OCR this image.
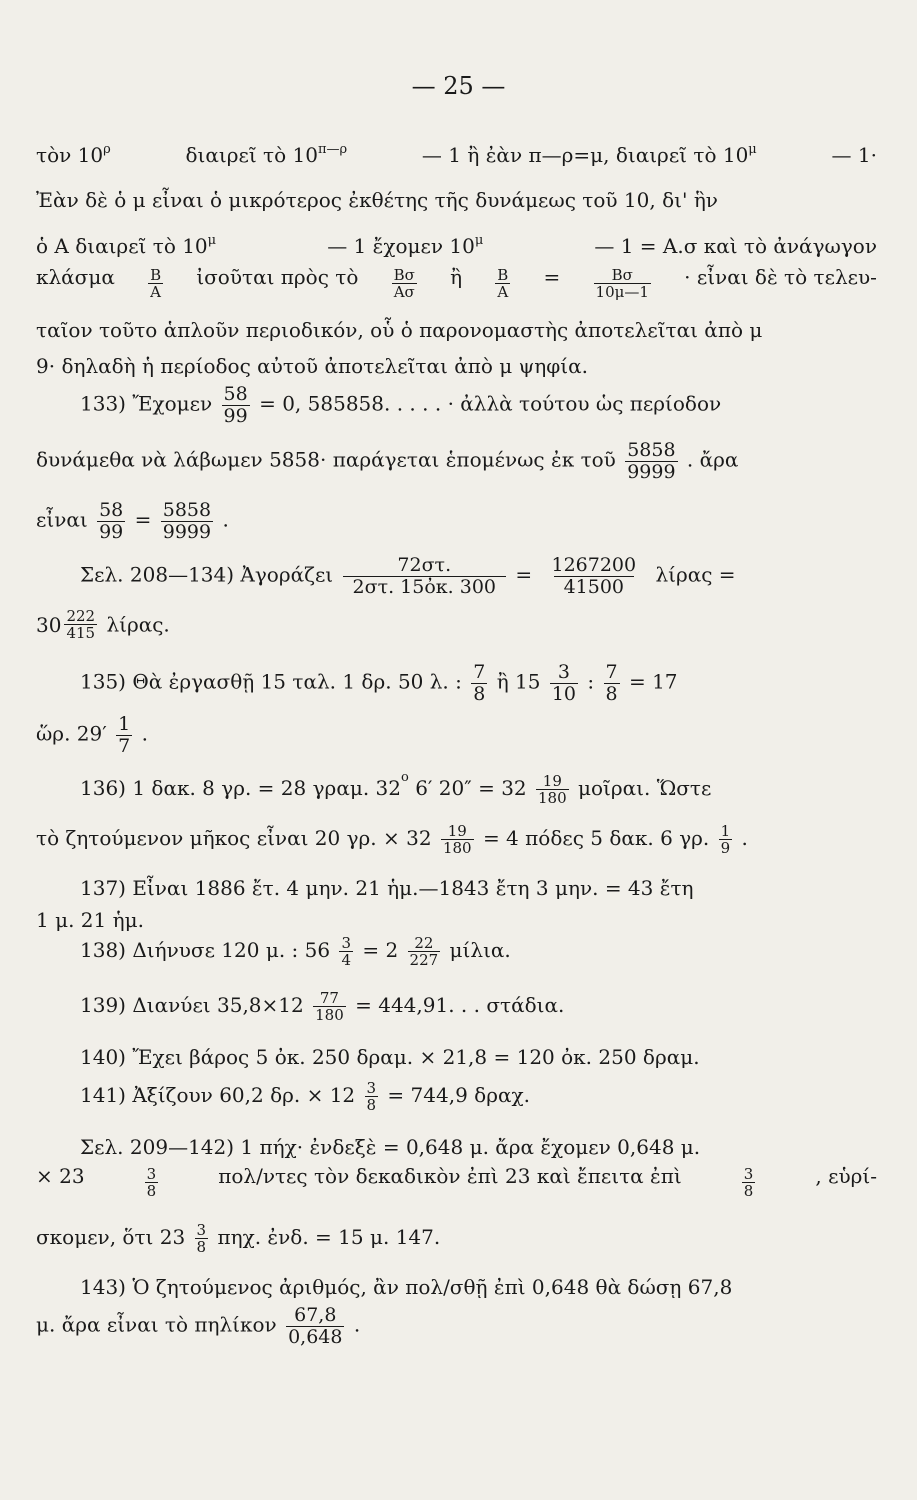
— 25 —
τὸν $10^\rho$	διαιρεῖ τὸ $10^{\pi—\rho}$	— 1 ἢ ἐὰν π—ρ=μ, διαιρεῖ τὸ $10^\mu$	— 1·
Ἐὰν δὲ ὁ μ εἶναι ὁ μικρότερος ἐκθέτης τῆς δυνάμεως τοῦ 10, δι' ἣν
ὁ Α διαιρεῖ τὸ $10^\mu$	— 1 ἔχομεν $10^\mu$	— 1 = Α.σ καὶ τὸ ἀνάγωγον
κλάσμα $\frac{B}{A}$ ἰσοῦται πρὸς τὸ $\frac{B\sigma}{A\sigma}$ ἢ $\frac{B}{A} = \frac{B\sigma}{10\mu—1}$ · εἶναι δὲ τὸ τελευ-
ταῖον τοῦτο ἁπλοῦν περιοδικόν, οὗ ὁ παρονομαστὴς ἀποτελεῖται ἀπὸ μ
9· δηλαδὴ ἡ περίοδος αὐτοῦ ἀποτελεῖται ἀπὸ μ ψηφία.
133) Ἔχομεν $\frac{58}{99} = 0$, 585858. . . . . · ἀλλὰ τούτου ὡς περίοδον
δυνάμεθα νὰ λάβωμεν 5858· παράγεται ἑπομένως ἐκ τοῦ $\frac{5858}{9999}$ . ἄρα
εἶναι $\frac{58}{99} = \frac{5858}{9999}$ .
Σελ. 208—134) Ἀγοράζει $\frac{72\sigma\tau.}{\text{2στ. 15ὀκ. 300}} = \frac{1267200}{41500}$ λίρας =
$30 \frac{222}{415} \lambda ί\rho\alpha\varsigma$.
135) Θὰ ἐργασθῇ 15 ταλ. 1 δρ. 50 λ. : $\frac{7}{8}$ ἢ $15 \frac{3}{10}$ : $\frac{7}{8} = 17$
ὥρ. $29' \frac{1}{7}$ .
136) 1 δακ. 8 γρ. = 28 γραμ. $32^o$ 6′ $20'' = 32 \frac{19}{180}$ μοῖραι. Ὥστε
τὸ ζητούμενον μῆκος εἶναι 20 γρ. × $32 \frac{19}{180} = 4$ πόδες 5 δακ. 6 γρ. $\frac{1}{9}$ .
137) Εἶναι 1886 ἔτ. 4 μην. 21 ἡμ.—1843 ἔτη 3 μην. = 43 ἔτη
1 μ. 21 ἡμ.
138) Διήνυσε 120 μ. : $56 \frac{3}{4} = 2 \frac{22}{227} \mu ί\lambda\iota\alpha$.
139) Διανύει $35,8\times 12 \frac{77}{180} = 444,91$. . . στάδια.
140) Ἔχει βάρος 5 ὀκ. 250 δραμ. × 21,8 = 120 ὀκ. 250 δραμ.
141) Ἀξίζουν 60,2 δρ. × $12 \frac{3}{8} = 744,9$ δραχ.
Σελ. 209—142) 1 πήχ· ἐνδεξὲ = 0,648 μ. ἄρα ἔχομεν 0,648 μ.
× 23	$\frac{3}{8}$	πολ/ντες τὸν δεκαδικὸν ἐπὶ 23 καὶ ἔπειτα ἐπὶ	$\frac{3}{8}$	, εὑρί-
σκομεν, ὅτι $23 \frac{3}{8} \pi\eta\chi$. ἐνδ. = 15 μ. 147.
143) Ὁ ζητούμενος ἀριθμός, ἂν πολ/σθῇ ἐπὶ 0,648 θὰ δώσῃ 67,8
μ. ἄρα εἶναι τὸ πηλίκον $\frac{67,8}{0,648}$ .
